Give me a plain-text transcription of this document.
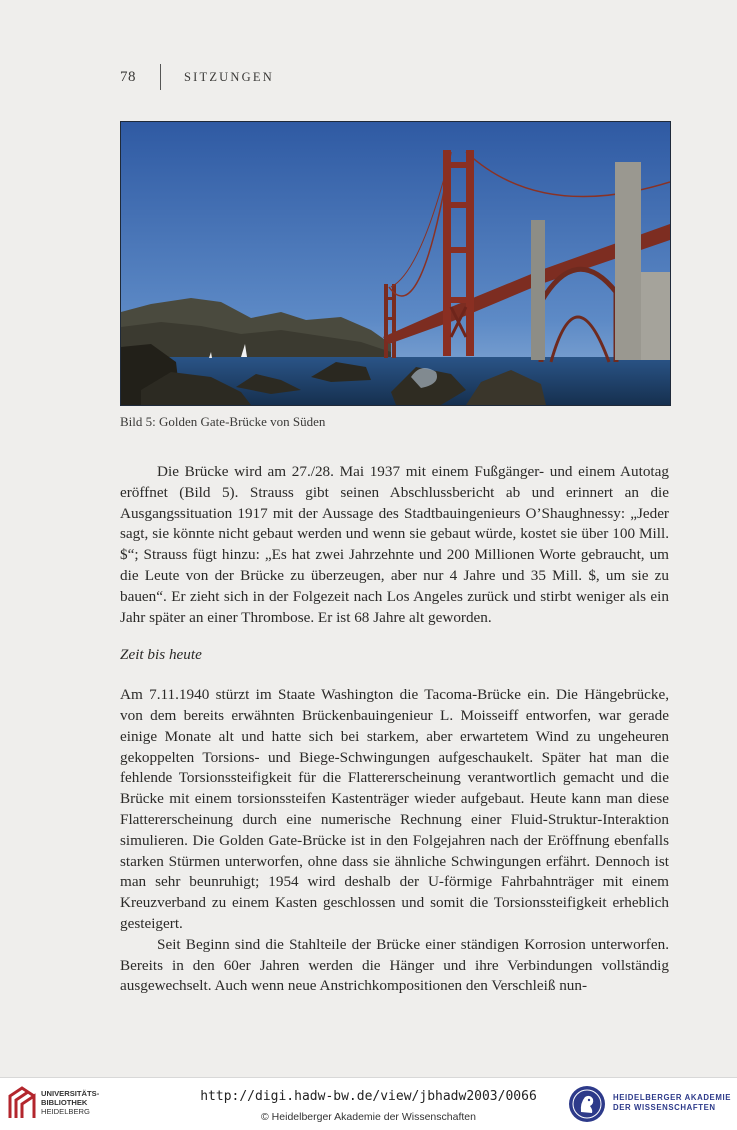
78	SITZUNGEN
Bild 5: Golden Gate-Brücke von Süden

Die Brücke wird am 27./28. Mai 1937 mit einem Fußgänger- und einem Autotag eröffnet (Bild 5). Strauss gibt seinen Abschlussbericht ab und erinnert an die Ausgangssituation 1917 mit der Aussage des Stadtbauingenieurs O’Shaughnessy: „Jeder sagt, sie könnte nicht gebaut werden und wenn sie gebaut würde, kostet sie über 100 Mill. $“; Strauss fügt hinzu: „Es hat zwei Jahrzehnte und 200 Millionen Worte gebraucht, um die Leute von der Brücke zu überzeugen, aber nur 4 Jahre und 35 Mill. $, um sie zu bauen“. Er zieht sich in der Folgezeit nach Los Angeles zurück und stirbt weniger als ein Jahr später an einer Thrombose. Er ist 68 Jahre alt geworden.

Zeit bis heute

Am 7.11.1940 stürzt im Staate Washington die Tacoma-Brücke ein. Die Hängebrücke, von dem bereits erwähnten Brückenbauingenieur L. Moisseiff entworfen, war gerade einige Monate alt und hatte sich bei starkem, aber erwartetem Wind zu ungeheuren gekoppelten Torsions- und Biege-Schwingungen aufgeschaukelt. Später hat man die fehlende Torsionssteifigkeit für die Flattererscheinung verantwortlich gemacht und die Brücke mit einem torsionssteifen Kastenträger wieder aufgebaut. Heute kann man diese Flattererscheinung durch eine numerische Rechnung einer Fluid-Struktur-Interaktion simulieren. Die Golden Gate-Brücke ist in den Folgejahren nach der Eröffnung ebenfalls starken Stürmen unterworfen, ohne dass sie ähnliche Schwingungen erfährt. Dennoch ist man sehr beunruhigt; 1954 wird deshalb der U-förmige Fahrbahnträger mit einem Kreuzverband zu einem Kasten geschlossen und somit die Torsionssteifigkeit erheblich gesteigert.

Seit Beginn sind die Stahlteile der Brücke einer ständigen Korrosion unterworfen. Bereits in den 60er Jahren werden die Hänger und ihre Verbindungen vollständig ausgewechselt. Auch wenn neue Anstrichkompositionen den Verschleiß nun-

UNIVERSITÄTS-
BIBLIOTHEK
HEIDELBERG
http://digi.hadw-bw.de/view/jbhadw2003/0066
© Heidelberger Akademie der Wissenschaften
HEIDELBERGER AKADEMIE
DER WISSENSCHAFTEN
